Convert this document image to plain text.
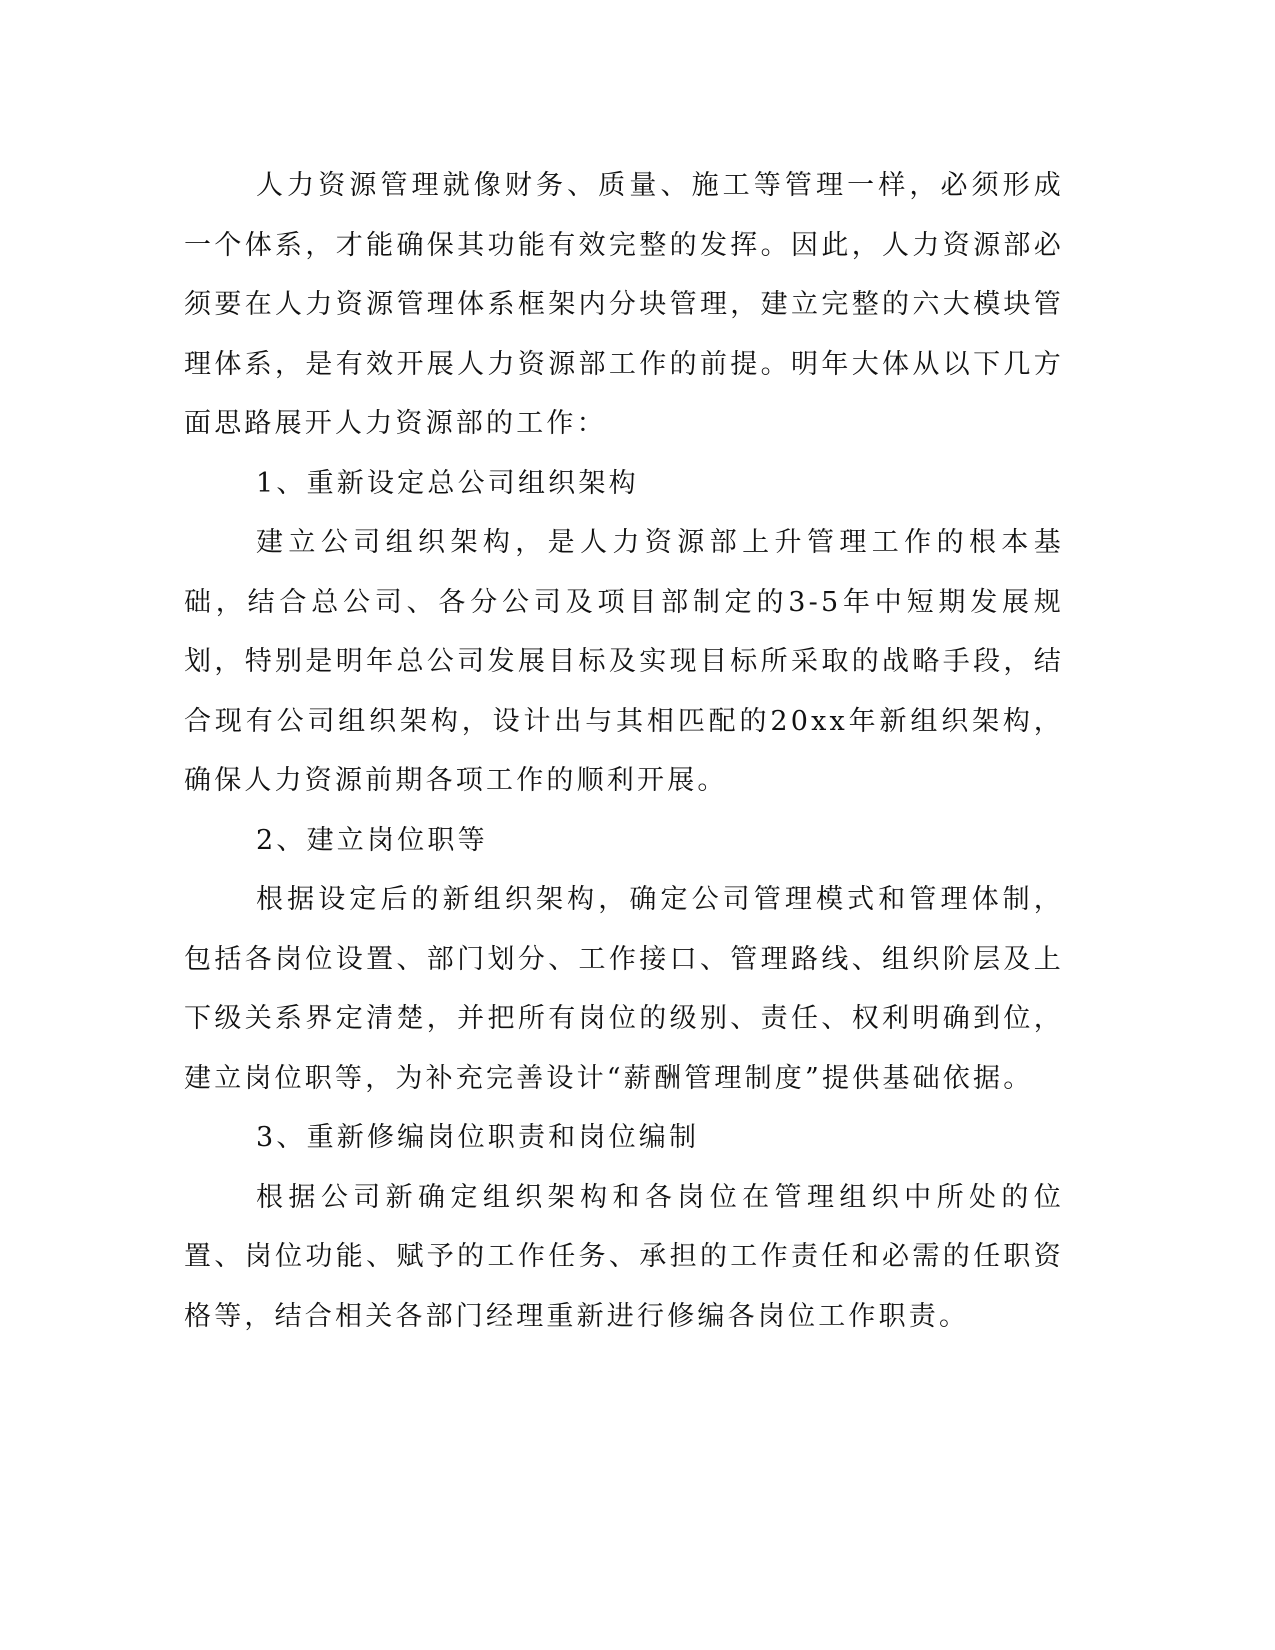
人力资源管理就像财务、质量、施工等管理一样，必须形成一个体系，才能确保其功能有效完整的发挥。因此，人力资源部必须要在人力资源管理体系框架内分块管理，建立完整的六大模块管理体系，是有效开展人力资源部工作的前提。明年大体从以下几方面思路展开人力资源部的工作：

1、重新设定总公司组织架构

建立公司组织架构，是人力资源部上升管理工作的根本基础，结合总公司、各分公司及项目部制定的3-5年中短期发展规划，特别是明年总公司发展目标及实现目标所采取的战略手段，结合现有公司组织架构，设计出与其相匹配的20xx年新组织架构，确保人力资源前期各项工作的顺利开展。

2、建立岗位职等

根据设定后的新组织架构，确定公司管理模式和管理体制，包括各岗位设置、部门划分、工作接口、管理路线、组织阶层及上下级关系界定清楚，并把所有岗位的级别、责任、权利明确到位，建立岗位职等，为补充完善设计“薪酬管理制度”提供基础依据。

3、重新修编岗位职责和岗位编制

根据公司新确定组织架构和各岗位在管理组织中所处的位置、岗位功能、赋予的工作任务、承担的工作责任和必需的任职资格等，结合相关各部门经理重新进行修编各岗位工作职责。
